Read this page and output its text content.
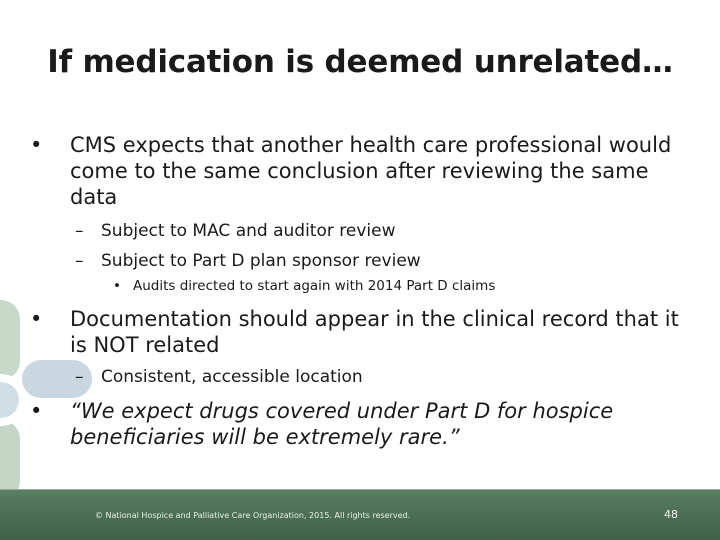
If medication is deemed unrelated…
• CMS expects that another health care professional would come to the same conclusion after reviewing the same data
– Subject to MAC and auditor review
– Subject to Part D plan sponsor review
• Audits directed to start again with 2014 Part D claims
• Documentation should appear in the clinical record that it is NOT related
– Consistent, accessible location
• “We expect drugs covered under Part D for hospice beneficiaries will be extremely rare.”
© National Hospice and Palliative Care Organization, 2015. All rights reserved.	48
